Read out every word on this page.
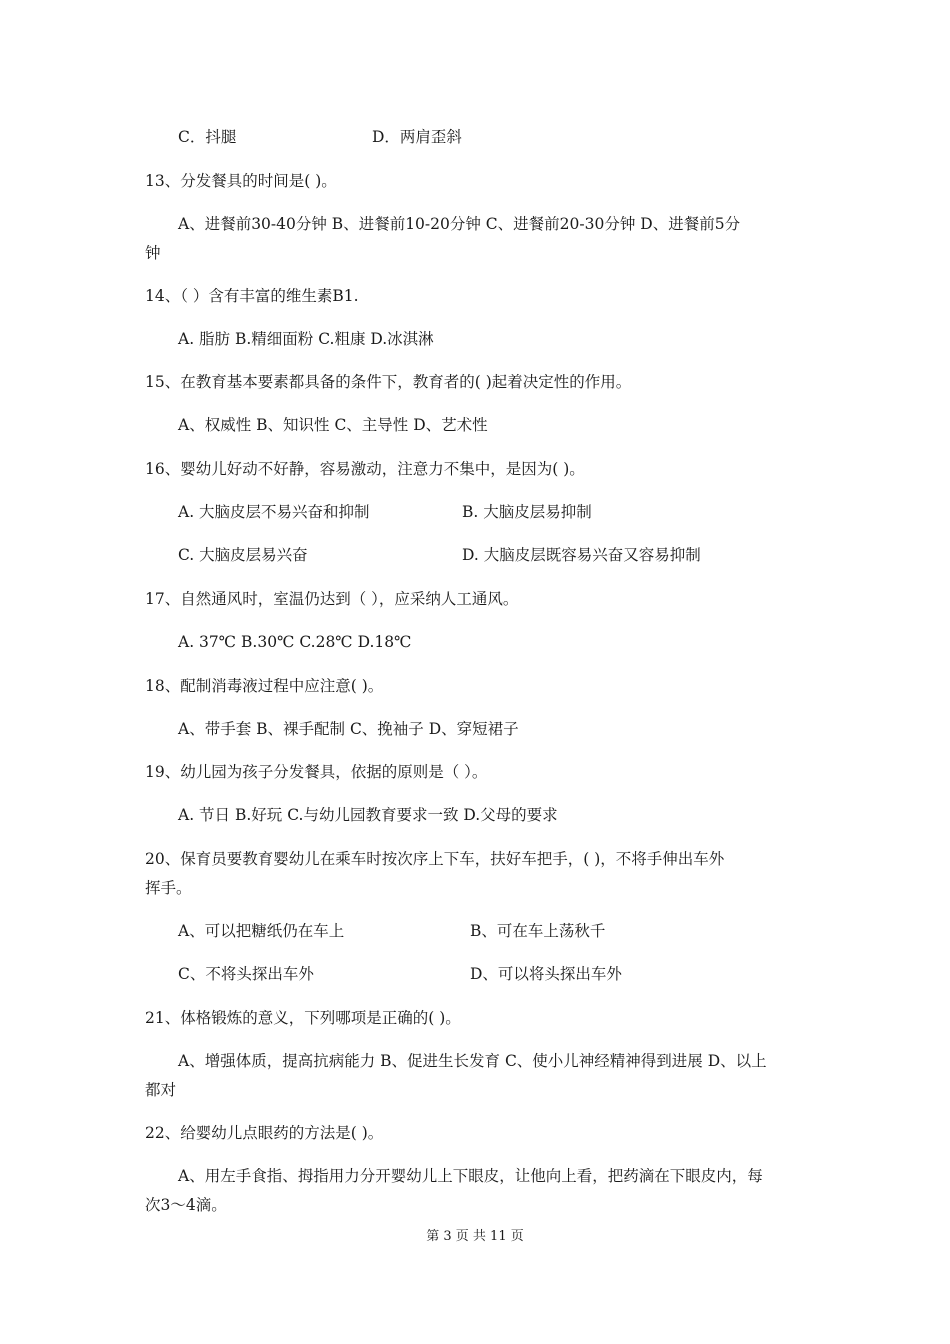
C．抖腿	D．两肩歪斜
13、分发餐具的时间是( )。
A、进餐前30-40分钟 B、进餐前10-20分钟 C、进餐前20-30分钟 D、进餐前5分
钟
14、（ ）含有丰富的维生素B1.
A. 脂肪 B.精细面粉 C.粗康 D.冰淇淋
15、在教育基本要素都具备的条件下，教育者的( )起着决定性的作用。
A、权威性 B、知识性 C、主导性 D、艺术性
16、婴幼儿好动不好静，容易激动，注意力不集中，是因为( )。
A. 大脑皮层不易兴奋和抑制	B. 大脑皮层易抑制
C. 大脑皮层易兴奋	D. 大脑皮层既容易兴奋又容易抑制
17、自然通风时，室温仍达到（ ），应采纳人工通风。
A. 37℃ B.30℃ C.28℃ D.18℃
18、配制消毒液过程中应注意( )。
A、带手套 B、裸手配制 C、挽袖子 D、穿短裙子
19、幼儿园为孩子分发餐具，依据的原则是（ ）。
A. 节日 B.好玩 C.与幼儿园教育要求一致 D.父母的要求
20、保育员要教育婴幼儿在乘车时按次序上下车，扶好车把手，( )，不将手伸出车外
挥手。
A、可以把糖纸仍在车上	B、可在车上荡秋千
C、不将头探出车外	D、可以将头探出车外
21、体格锻炼的意义，下列哪项是正确的( )。
A、增强体质，提高抗病能力 B、促进生长发育 C、使小儿神经精神得到进展 D、以上
都对
22、给婴幼儿点眼药的方法是( )。
A、用左手食指、拇指用力分开婴幼儿上下眼皮，让他向上看，把药滴在下眼皮内，每
次3～4滴。
第 3 页 共 11 页
